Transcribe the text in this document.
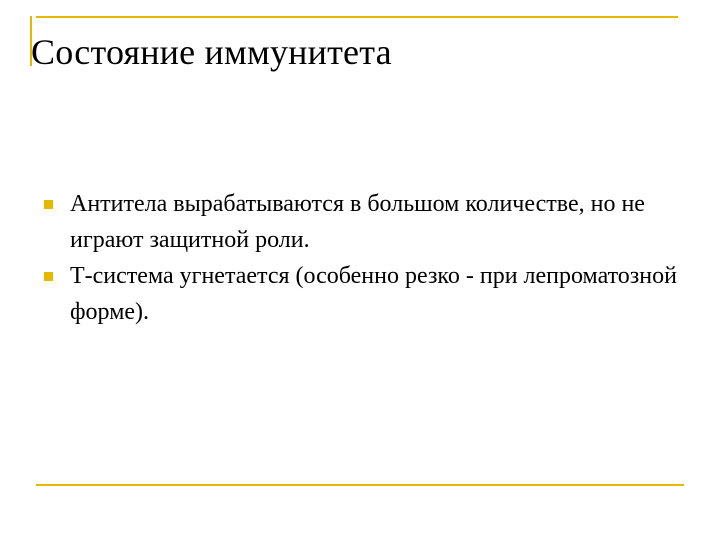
Состояние иммунитета
Антитела вырабатываются в большом количестве, но не играют защитной роли.
Т-система угнетается (особенно резко - при лепроматозной форме).
